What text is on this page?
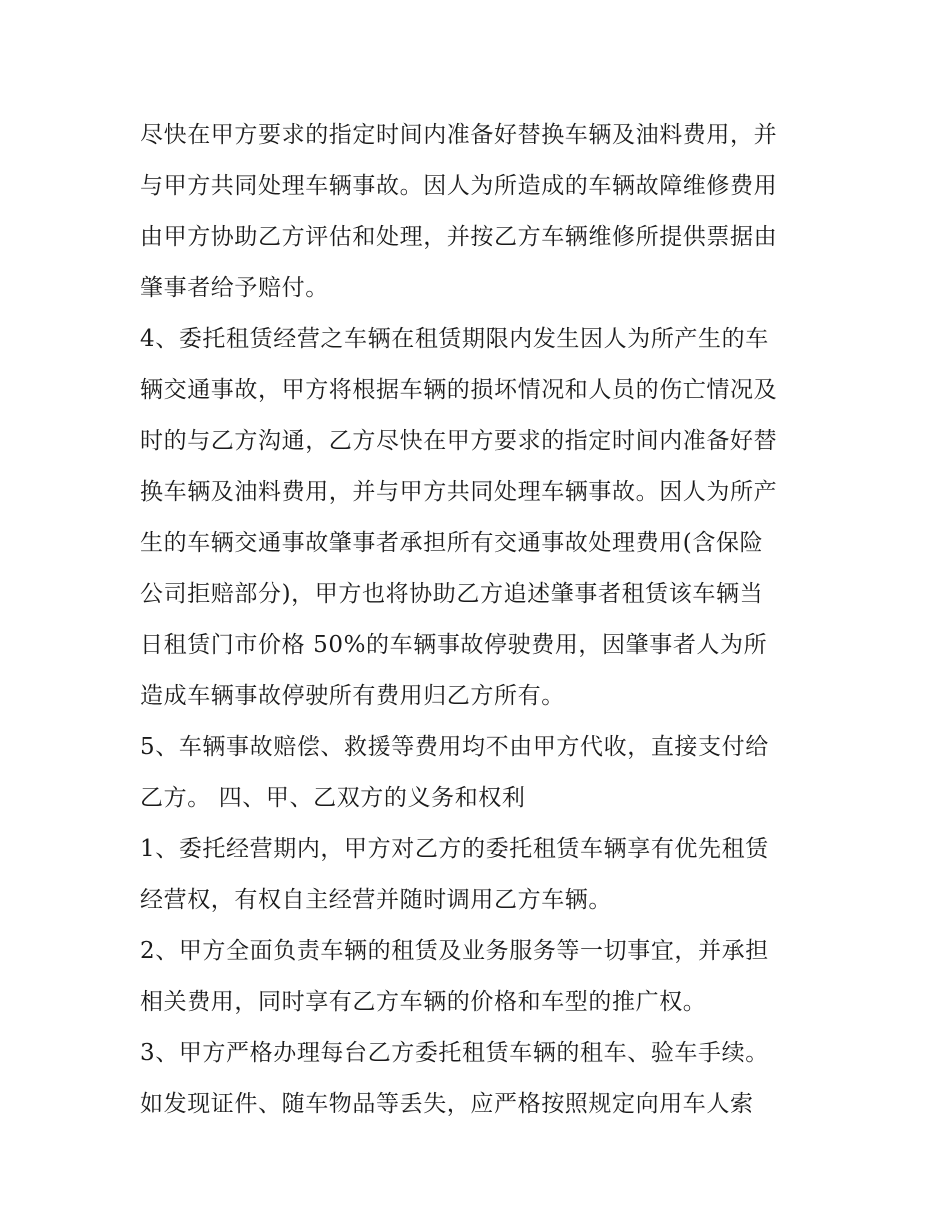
尽快在甲方要求的指定时间内准备好替换车辆及油料费用，并
与甲方共同处理车辆事故。因人为所造成的车辆故障维修费用
由甲方协助乙方评估和处理，并按乙方车辆维修所提供票据由
肇事者给予赔付。
4、委托租赁经营之车辆在租赁期限内发生因人为所产生的车
辆交通事故，甲方将根据车辆的损坏情况和人员的伤亡情况及
时的与乙方沟通，乙方尽快在甲方要求的指定时间内准备好替
换车辆及油料费用，并与甲方共同处理车辆事故。因人为所产
生的车辆交通事故肇事者承担所有交通事故处理费用(含保险
公司拒赔部分)，甲方也将协助乙方追述肇事者租赁该车辆当
日租赁门市价格 50%的车辆事故停驶费用，因肇事者人为所
造成车辆事故停驶所有费用归乙方所有。
5、车辆事故赔偿、救援等费用均不由甲方代收，直接支付给
乙方。 四、甲、乙双方的义务和权利
1、委托经营期内，甲方对乙方的委托租赁车辆享有优先租赁
经营权，有权自主经营并随时调用乙方车辆。
2、甲方全面负责车辆的租赁及业务服务等一切事宜，并承担
相关费用，同时享有乙方车辆的价格和车型的推广权。
3、甲方严格办理每台乙方委托租赁车辆的租车、验车手续。
如发现证件、随车物品等丢失，应严格按照规定向用车人索
